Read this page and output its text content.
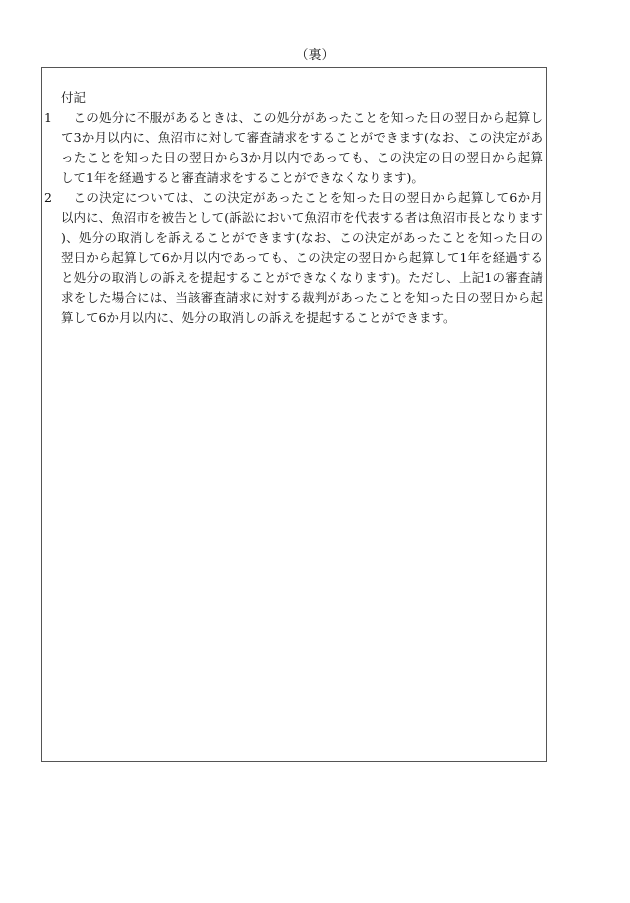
（裏）
付記
1	この処分に不服があるときは、この処分があったことを知った日の翌日から起算して3か月以内に、魚沼市に対して審査請求をすることができます(なお、この決定があったことを知った日の翌日から3か月以内であっても、この決定の日の翌日から起算して1年を経過すると審査請求をすることができなくなります)。
2	この決定については、この決定があったことを知った日の翌日から起算して6か月以内に、魚沼市を被告として(訴訟において魚沼市を代表する者は魚沼市長となります)、処分の取消しを訴えることができます(なお、この決定があったことを知った日の翌日から起算して6か月以内であっても、この決定の翌日から起算して1年を経過すると処分の取消しの訴えを提起することができなくなります)。ただし、上記1の審査請求をした場合には、当該審査請求に対する裁判があったことを知った日の翌日から起算して6か月以内に、処分の取消しの訴えを提起することができます。
